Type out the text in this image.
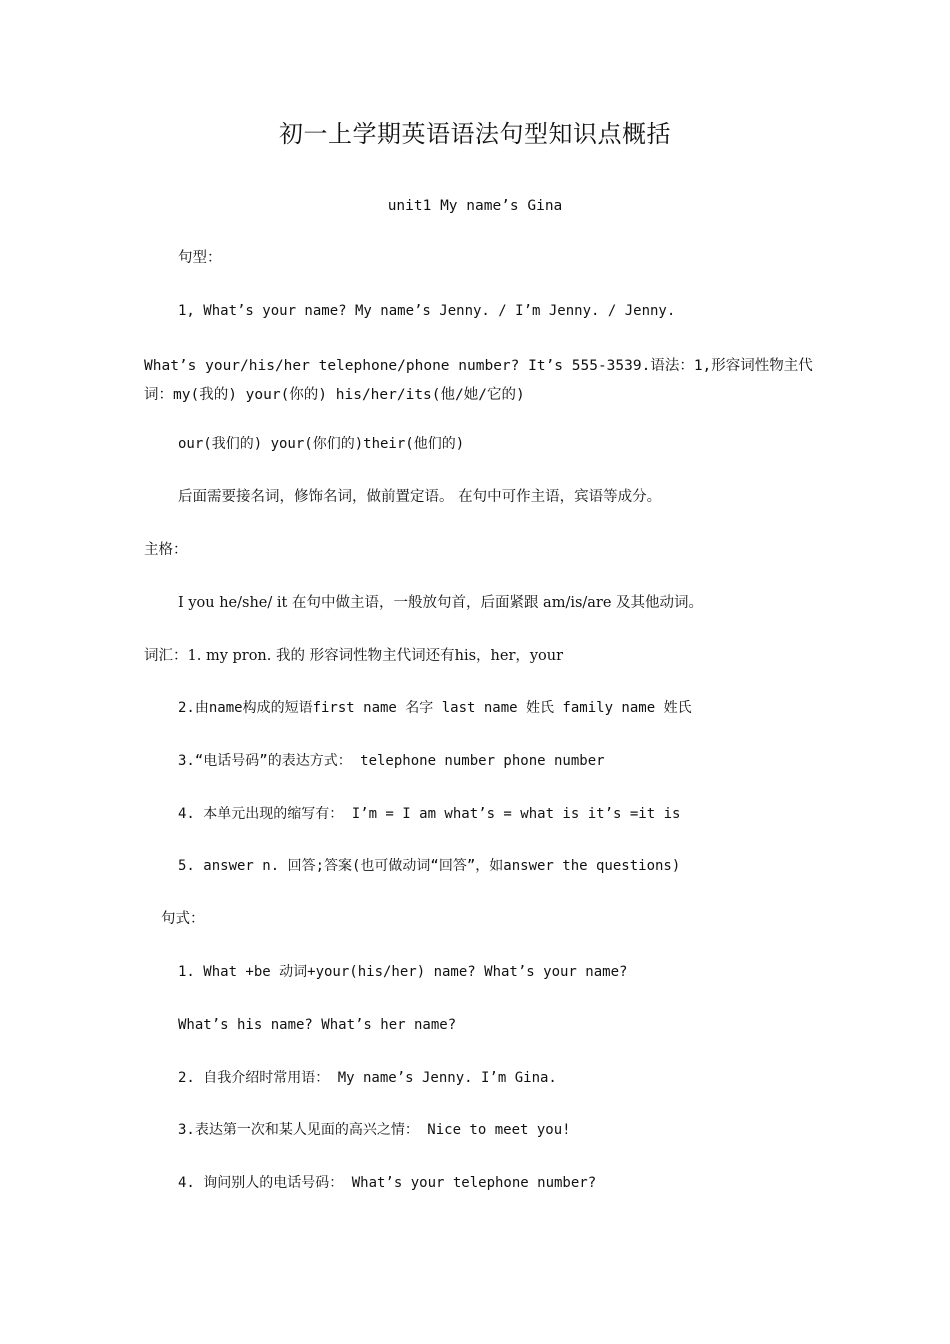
初一上学期英语语法句型知识点概括
unit1 My name’s Gina
句型：
1, What’s your name? My name’s Jenny. / I’m Jenny. / Jenny.
What’s your/his/her telephone/phone number? It’s 555-3539.语法：1,形容词性物主代词：my(我的) your(你的) his/her/its(他/她/它的)
our(我们的) your(你们的)their(他们的)
后面需要接名词，修饰名词，做前置定语。 在句中可作主语，宾语等成分。
主格：
I you he/she/ it 在句中做主语，一般放句首，后面紧跟 am/is/are 及其他动词。
词汇：1. my pron. 我的 形容词性物主代词还有his，her，your
2.由name构成的短语first name 名字 last name 姓氏 family name 姓氏
3.“电话号码”的表达方式： telephone number phone number
4. 本单元出现的缩写有： I’m = I am what’s = what is it’s =it is
5. answer n. 回答;答案(也可做动词“回答”，如answer the questions)
句式：
1. What +be 动词+your(his/her) name? What’s your name?
What’s his name? What’s her name?
2. 自我介绍时常用语： My name’s Jenny. I’m Gina.
3.表达第一次和某人见面的高兴之情： Nice to meet you!
4. 询问别人的电话号码： What’s your telephone number?
